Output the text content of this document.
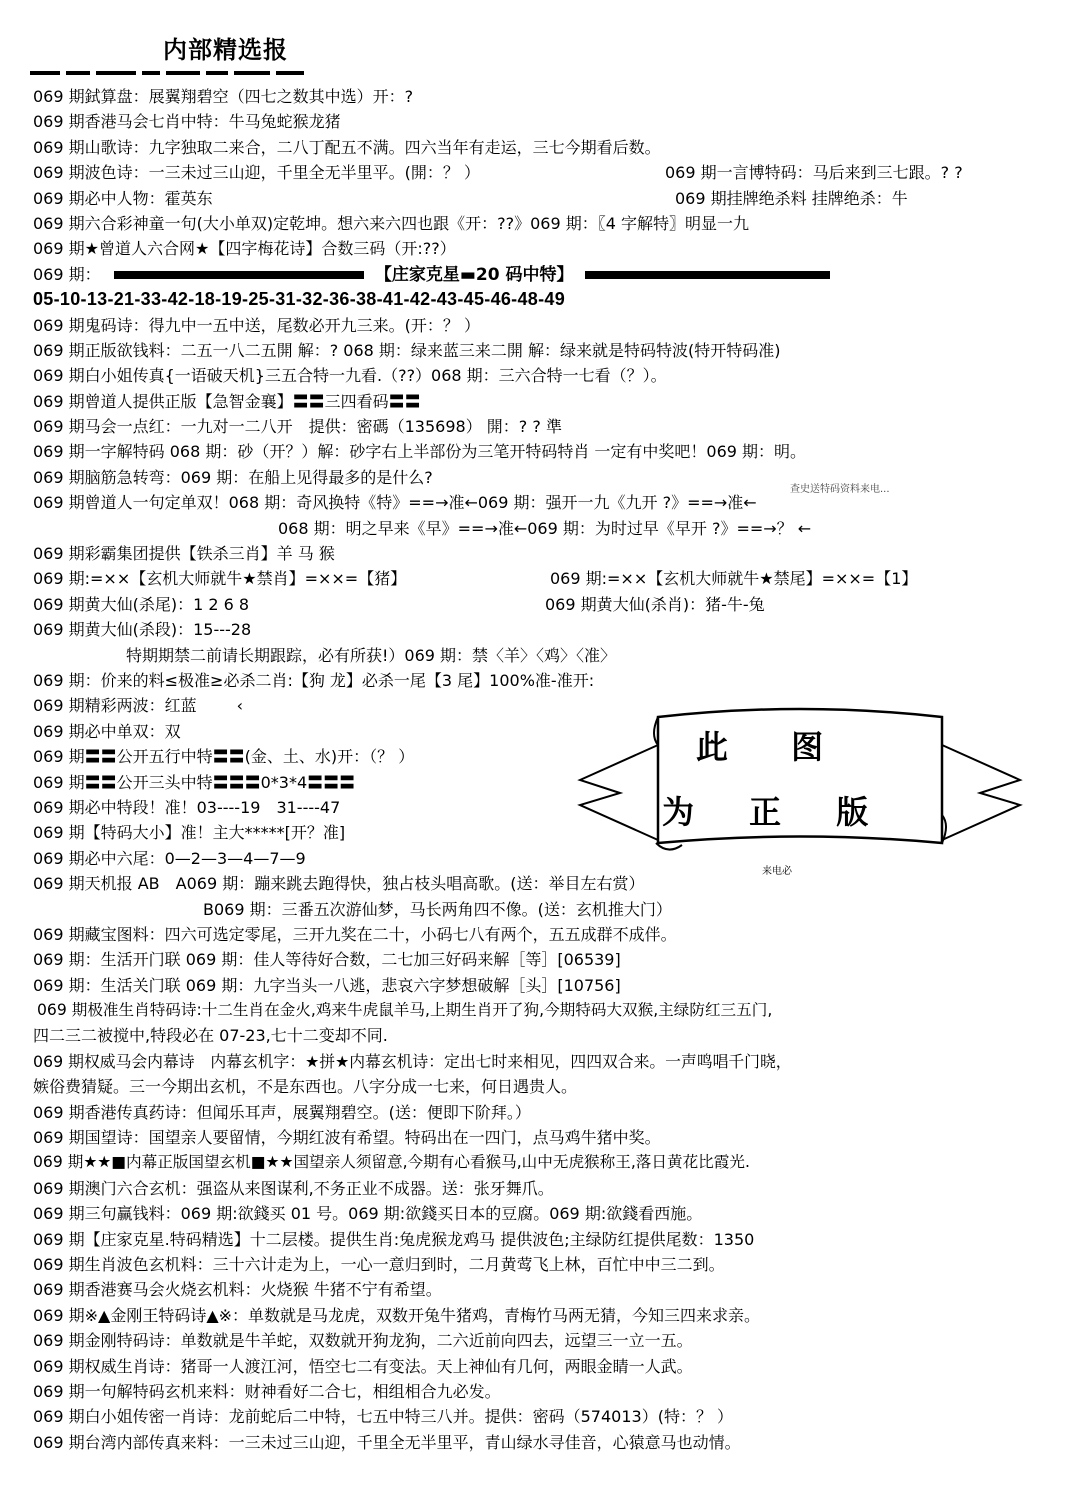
内部精选报
069 期鉽算盘：展翼翔碧空（四七之数其中选）开：?
069 期香港马会七肖中特：牛马兔蛇猴龙猪
069 期山歌诗：九字独取二来合，二八丁配五不满。四六当年有走运，三七今期看后数。
069 期波色诗：一三未过三山迎，千里全无半里平。(開：？ ）	069 期一言博特码：马后来到三七跟。? ?
069 期必中人物：霍英东	069 期挂牌绝杀料 挂牌绝杀：牛
069 期六合彩神童一句(大小单双)定乾坤。想六来六四也跟《开：??》069 期：〖4 字解特〗明显一九
069 期★曾道人六合网★【四字梅花诗】合数三码（开:??）
069 期：	【庄家克星▬20 码中特】
05-10-13-21-33-42-18-19-25-31-32-36-38-41-42-43-45-46-48-49
069 期鬼码诗：得九中一五中送，尾数必开九三来。(开：？ ）
069 期正版欲钱料：二五一八二五開 解：? 068 期：绿来蓝三来二開 解：绿来就是特码特波(特开特码准)
069 期白小姐传真{一语破天机}三五合特一九看.（??）068 期：三六合特一七看（？）。
069 期曾道人提供正版【急智金襄】〓〓三四看码〓〓
069 期马会一点红：一九对一二八开　提供：密碼（135698） 開：? ? 準
069 期一字解特码 068 期：砂（开？）解：砂字右上半部份为三笔开特码特肖 一定有中奖吧！069 期：明。
069 期脑筋急转弯：069 期：在船上见得最多的是什么?
069 期曾道人一句定单双！068 期：奇风换特《特》==→准←069 期：强开一九《九开 ?》==→准←
068 期：明之早来《早》==→准←069 期：为时过早《早开 ?》==→？ ←
069 期彩霸集团提供【铁杀三肖】羊 马 猴
069 期:=××【玄机大师就牛★禁肖】=××=【猪】	069 期:=××【玄机大师就牛★禁尾】=××=【1】
069 期黄大仙(杀尾)：1 2 6 8	069 期黄大仙(杀肖)：猪-牛-兔
069 期黄大仙(杀段)：15---28
特期期禁二前请长期跟踪，必有所获!）069 期：禁〈羊〉〈鸡〉〈准〉
069 期：价来的料≤极准≥必杀二肖:【狗 龙】必杀一尾【3 尾】100%准-准开:
069 期精彩两波：红蓝	‹
069 期必中单双：双
069 期〓〓公开五行中特〓〓(金、土、水)开：（？ ）
069 期〓〓公开三头中特〓〓〓0*3*4〓〓〓
069 期必中特段！准！03----19　31----47
069 期【特码大小】准！主大*****[开？准]
069 期必中六尾：0—2—3—4—7—9
069 期天机报 AB　A069 期：蹦来跳去跑得快，独占枝头唱高歌。(送：举目左右赏）
B069 期：三番五次游仙梦，马长两角四不像。(送：玄机推大门）
069 期藏宝图料：四六可选定零尾，三开九奖在二十，小码七八有两个，五五成群不成伴。
069 期：生活开门联 069 期：佳人等待好合数，二七加三好码来解［等］[06539]
069 期：生活关门联 069 期：九字当头一八逃，悲哀六字梦想破解［头］[10756]
069 期极准生肖特码诗:十二生肖在金火,鸡来牛虎鼠羊马,上期生肖开了狗,今期特码大双猴,主绿防红三五门,
四二三二被搅中,特段必在 07-23,七十二变却不同.
069 期权威马会内幕诗　内幕玄机字：★拼★内幕玄机诗：定出七时来相见，四四双合来。一声鸣唱千门晓，
嫉俗费猜疑。三一今期出玄机，不是东西也。八字分成一七来，何日遇贵人。
069 期香港传真药诗：但闻乐耳声，展翼翔碧空。(送：便即下阶拜。）
069 期国望诗：国望亲人要留情，今期红波有希望。特码出在一四门，点马鸡牛猪中奖。
069 期★★■内幕正版国望玄机■★★国望亲人须留意,今期有心看猴马,山中无虎猴称王,落日黄花比霞光.
069 期澳门六合玄机：强盗从来图谋利,不务正业不成器。送：张牙舞爪。
069 期三句赢钱料：069 期:欲錢买 01 号。069 期:欲錢买日本的豆腐。069 期:欲錢看西施。
069 期【庄家克星.特码精选】十二层楼。提供生肖:兔虎猴龙鸡马 提供波色;主绿防红提供尾数：1350
069 期生肖波色玄机料：三十六计走为上，一心一意归到时，二月黄莺飞上林，百忙中中三二到。
069 期香港赛马会火烧玄机料：火烧猴 牛猪不宁有希望。
069 期※▲金刚王特码诗▲※：单数就是马龙虎，双数开兔牛猪鸡，青梅竹马两无猜，今知三四来求亲。
069 期金刚特码诗：单数就是牛羊蛇，双数就开狗龙狗，二六近前向四去，远望三一立一五。
069 期权威生肖诗：猪哥一人渡江河，悟空七二有变法。天上神仙有几何，两眼金睛一人武。
069 期一句解特码玄机来料：财神看好二合七，相组相合九必发。
069 期白小姐传密一肖诗：龙前蛇后二中特，七五中特三八并。提供：密码（574013）(特：？ ）
069 期台湾内部传真来料：一三未过三山迎，千里全无半里平，青山绿水寻佳音，心猿意马也动情。
查史送特码资料来电...
此 图
为 正 版
来电必
